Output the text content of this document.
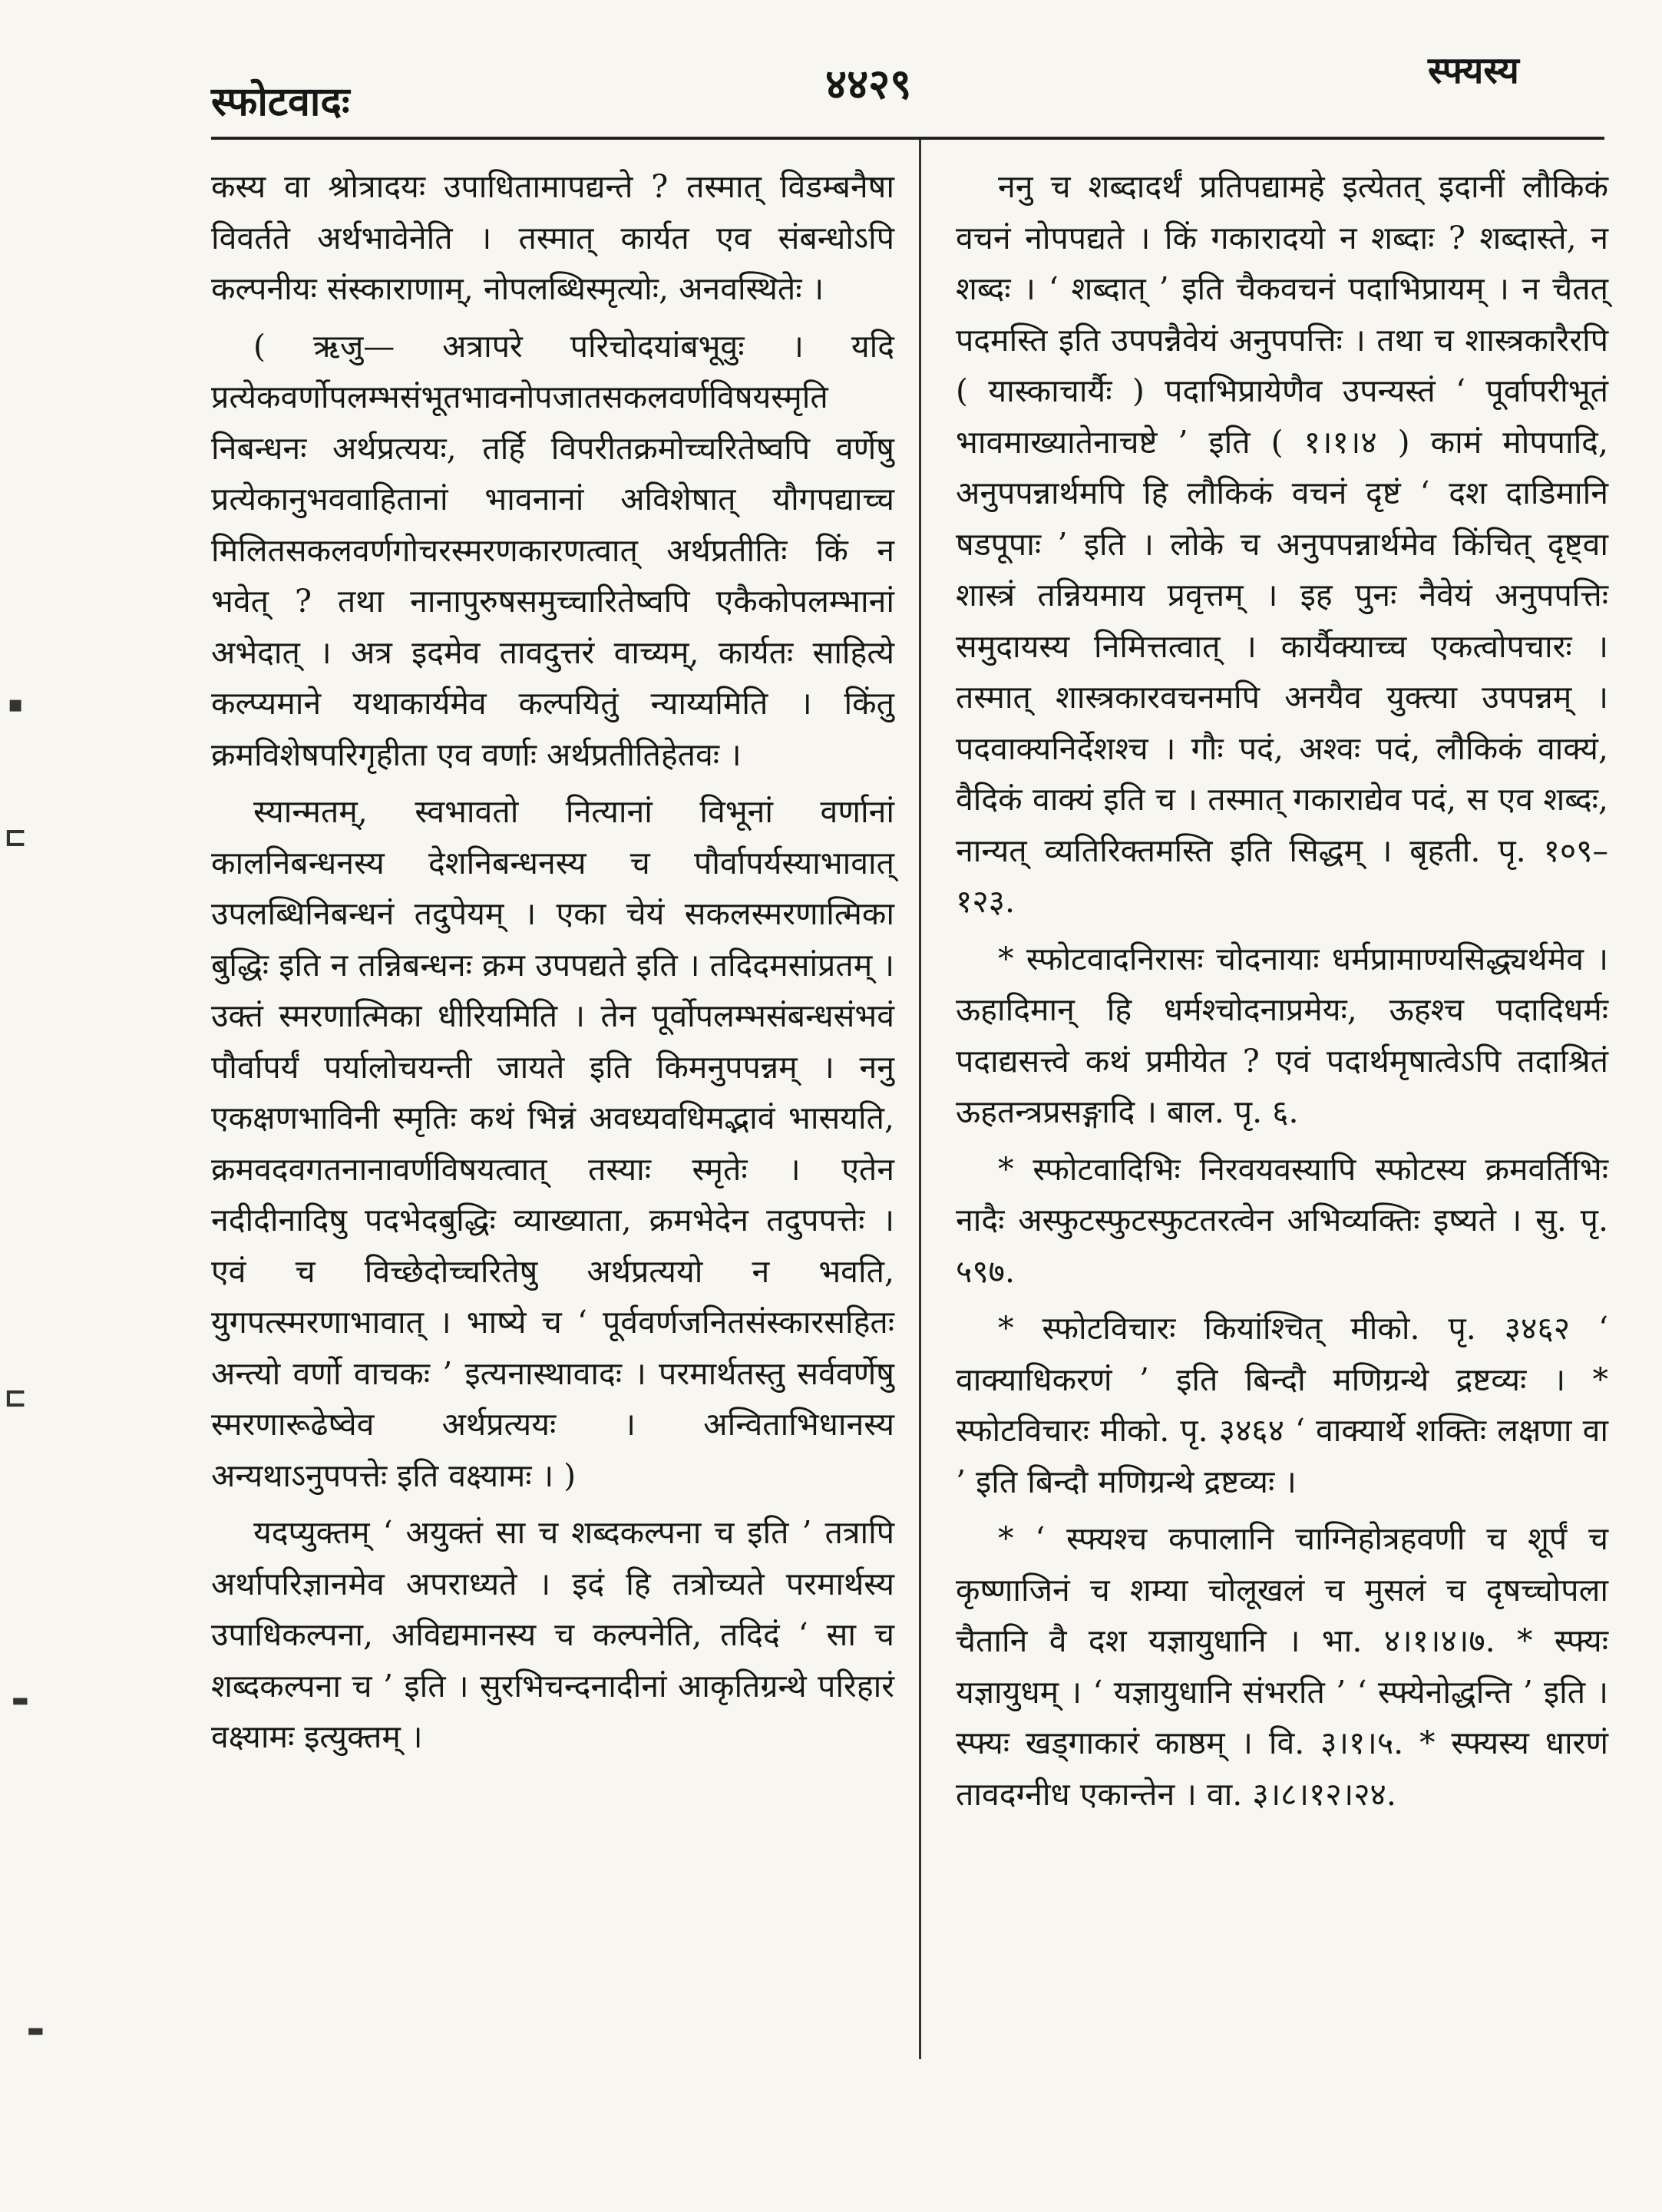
स्फोटवादः	४४२९	स्फ्यस्य

कस्य वा श्रोत्रादयः उपाधितामापद्यन्ते ? तस्मात् विडम्बनैषा विवर्तते अर्थभावेनेति । तस्मात् कार्यत एव संबन्धोऽपि कल्पनीयः संस्काराणाम्, नोपलब्धिस्मृत्योः, अनवस्थितेः ।

( ऋजु— अत्रापरे परिचोदयांबभूवुः । यदि प्रत्येकवर्णोपलम्भसंभूतभावनोपजातसकलवर्णविषयस्मृति निबन्धनः अर्थप्रत्ययः, तर्हि विपरीतक्रमोच्चरितेष्वपि वर्णेषु प्रत्येकानुभववाहितानां भावनानां अविशेषात् यौगपद्याच्च मिलितसकलवर्णगोचरस्मरणकारणत्वात् अर्थप्रतीतिः किं न भवेत् ? तथा नानापुरुषसमुच्चारितेष्वपि एकैकोपलम्भानां अभेदात् । अत्र इदमेव तावदुत्तरं वाच्यम्, कार्यतः साहित्ये कल्प्यमाने यथाकार्यमेव कल्पयितुं न्याय्यमिति । किंतु क्रमविशेषपरिगृहीता एव वर्णाः अर्थप्रतीतिहेतवः ।

स्यान्मतम्, स्वभावतो नित्यानां विभूनां वर्णानां कालनिबन्धनस्य देशनिबन्धनस्य च पौर्वापर्यस्याभावात् उपलब्धिनिबन्धनं तदुपेयम् । एका चेयं सकलस्मरणात्मिका बुद्धिः इति न तन्निबन्धनः क्रम उपपद्यते इति । तदिदमसांप्रतम् । उक्तं स्मरणात्मिका धीरियमिति । तेन पूर्वोपलम्भसंबन्धसंभवं पौर्वापर्यं पर्यालोचयन्ती जायते इति किमनुपपन्नम् । ननु एकक्षणभाविनी स्मृतिः कथं भिन्नं अवध्यवधिमद्भावं भासयति, क्रमवदवगतनानावर्णविषयत्वात् तस्याः स्मृतेः । एतेन नदीदीनादिषु पदभेदबुद्धिः व्याख्याता, क्रमभेदेन तदुपपत्तेः । एवं च विच्छेदोच्चरितेषु अर्थप्रत्ययो न भवति, युगपत्स्मरणाभावात् । भाष्ये च ‘ पूर्ववर्णजनितसंस्कारसहितः अन्त्यो वर्णो वाचकः ’ इत्यनास्थावादः । परमार्थतस्तु सर्ववर्णेषु स्मरणारूढेष्वेव अर्थप्रत्ययः । अन्विताभिधानस्य अन्यथाऽनुपपत्तेः इति वक्ष्यामः । )

यदप्युक्तम् ‘ अयुक्तं सा च शब्दकल्पना च इति ’ तत्रापि अर्थापरिज्ञानमेव अपराध्यते । इदं हि तत्रोच्यते परमार्थस्य उपाधिकल्पना, अविद्यमानस्य च कल्पनेति, तदिदं ‘ सा च शब्दकल्पना च ’ इति । सुरभिचन्दनादीनां आकृतिग्रन्थे परिहारं वक्ष्यामः इत्युक्तम् ।

ननु च शब्दादर्थं प्रतिपद्यामहे इत्येतत् इदानीं लौकिकं वचनं नोपपद्यते । किं गकारादयो न शब्दाः ? शब्दास्ते, न शब्दः । ‘ शब्दात् ’ इति चैकवचनं पदाभिप्रायम् । न चैतत् पदमस्ति इति उपपन्नैवेयं अनुपपत्तिः । तथा च शास्त्रकारैरपि ( यास्काचार्यैः ) पदाभिप्रायेणैव उपन्यस्तं ‘ पूर्वापरीभूतं भावमाख्यातेनाचष्टे ’ इति ( १।१।४ ) कामं मोपपादि, अनुपपन्नार्थमपि हि लौकिकं वचनं दृष्टं ‘ दश दाडिमानि षडपूपाः ’ इति । लोके च अनुपपन्नार्थमेव किंचित् दृष्ट्वा शास्त्रं तन्नियमाय प्रवृत्तम् । इह पुनः नैवेयं अनुपपत्तिः समुदायस्य निमित्तत्वात् । कार्यैक्याच्च एकत्वोपचारः । तस्मात् शास्त्रकारवचनमपि अनयैव युक्त्या उपपन्नम् । पदवाक्यनिर्देशश्च । गौः पदं, अश्वः पदं, लौकिकं वाक्यं, वैदिकं वाक्यं इति च । तस्मात् गकाराद्येव पदं, स एव शब्दः, नान्यत् व्यतिरिक्तमस्ति इति सिद्धम् । बृहती. पृ. १०९–१२३.

* स्फोटवादनिरासः चोदनायाः धर्मप्रामाण्यसिद्ध्यर्थमेव । ऊहादिमान् हि धर्मश्चोदनाप्रमेयः, ऊहश्च पदादिधर्मः पदाद्यसत्त्वे कथं प्रमीयेत ? एवं पदार्थमृषात्वेऽपि तदाश्रितं ऊहतन्त्रप्रसङ्गादि । बाल. पृ. ६.

* स्फोटवादिभिः निरवयवस्यापि स्फोटस्य क्रमवर्तिभिः नादैः अस्फुटस्फुटस्फुटतरत्वेन अभिव्यक्तिः इष्यते । सु. पृ. ५९७.

* स्फोटविचारः कियांश्चित् मीको. पृ. ३४६२ ‘ वाक्याधिकरणं ’ इति बिन्दौ मणिग्रन्थे द्रष्टव्यः । * स्फोटविचारः मीको. पृ. ३४६४ ‘ वाक्यार्थे शक्तिः लक्षणा वा ’ इति बिन्दौ मणिग्रन्थे द्रष्टव्यः ।

* ‘ स्फ्यश्च कपालानि चाग्निहोत्रहवणी च शूर्पं च कृष्णाजिनं च शम्या चोलूखलं च मुसलं च दृषच्चोपला चैतानि वै दश यज्ञायुधानि । भा. ४।१।४।७. * स्फ्यः यज्ञायुधम् । ‘ यज्ञायुधानि संभरति ’ ‘ स्फ्येनोद्धन्ति ’ इति । स्फ्यः खड्गाकारं काष्ठम् । वि. ३।१।५. * स्फ्यस्य धारणं तावदग्नीध एकान्तेन । वा. ३।८।१२।२४.

▪
⊏
⊏
▬
▬
